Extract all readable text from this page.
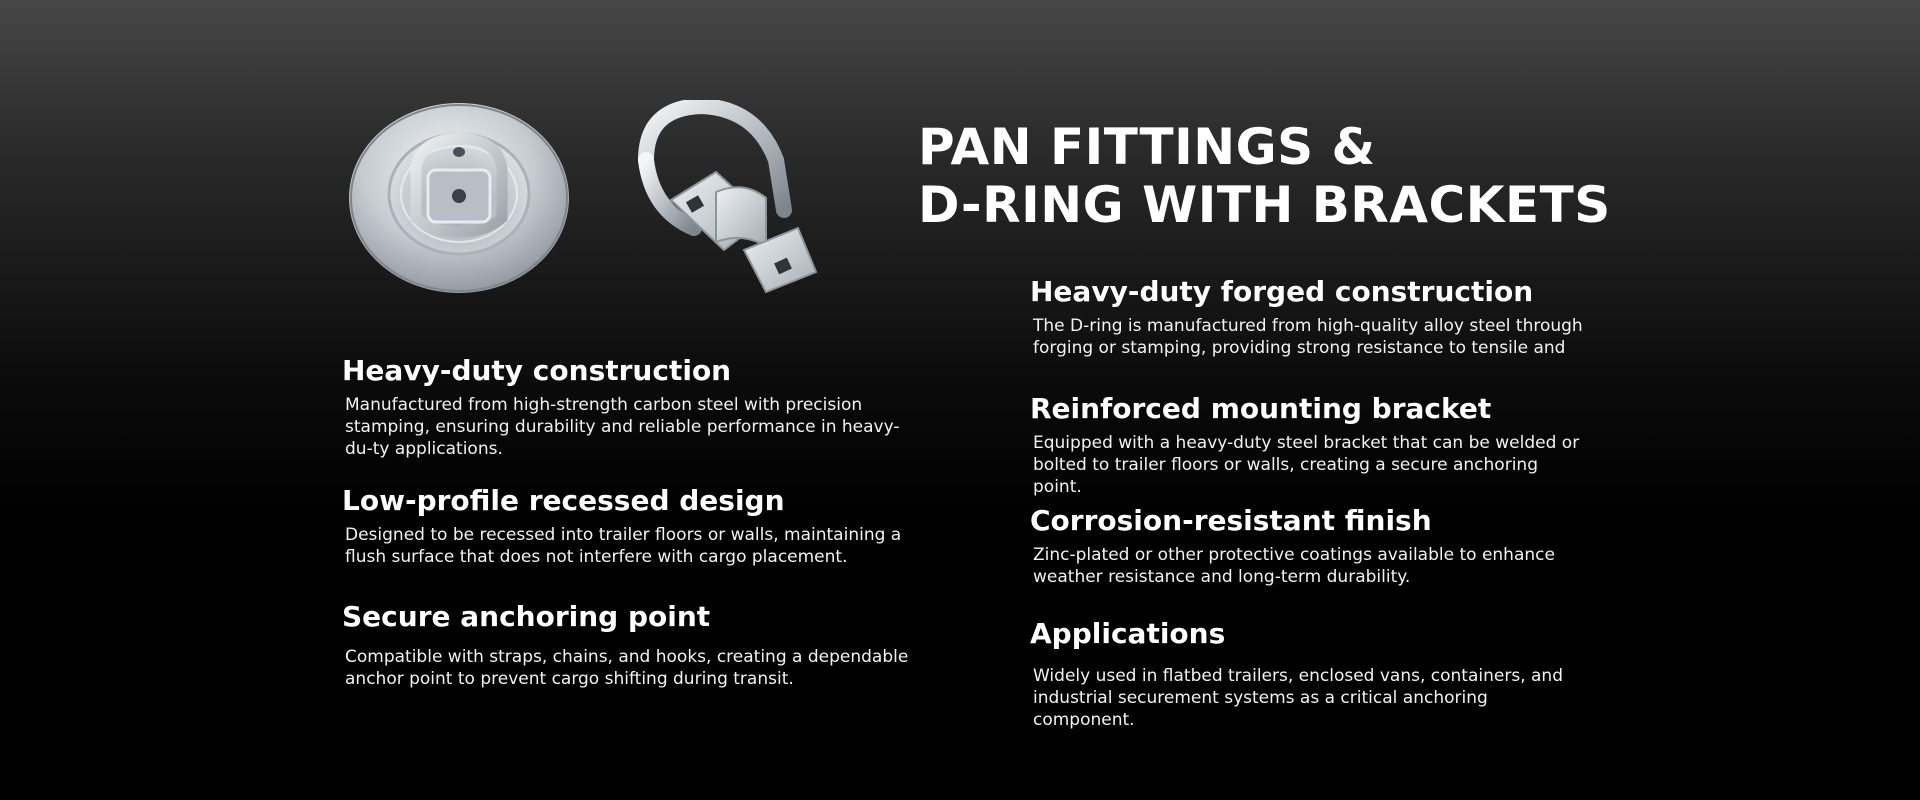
PAN FITTINGS &
D-RING WITH BRACKETS
Heavy-duty construction

Manufactured from high-strength carbon steel with precision stamping, ensuring durability and reliable performance in heavy-du-ty applications.

Low-profile recessed design

Designed to be recessed into trailer floors or walls, maintaining a flush surface that does not interfere with cargo placement.

Secure anchoring point

Compatible with straps, chains, and hooks, creating a dependable anchor point to prevent cargo shifting during transit.

Heavy-duty forged construction

The D-ring is manufactured from high-quality alloy steel through forging or stamping, providing strong resistance to tensile and

Reinforced mounting bracket

Equipped with a heavy-duty steel bracket that can be welded or bolted to trailer floors or walls, creating a secure anchoring point.

Corrosion-resistant finish

Zinc-plated or other protective coatings available to enhance weather resistance and long-term durability.

Applications

Widely used in flatbed trailers, enclosed vans, containers, and industrial securement systems as a critical anchoring component.
